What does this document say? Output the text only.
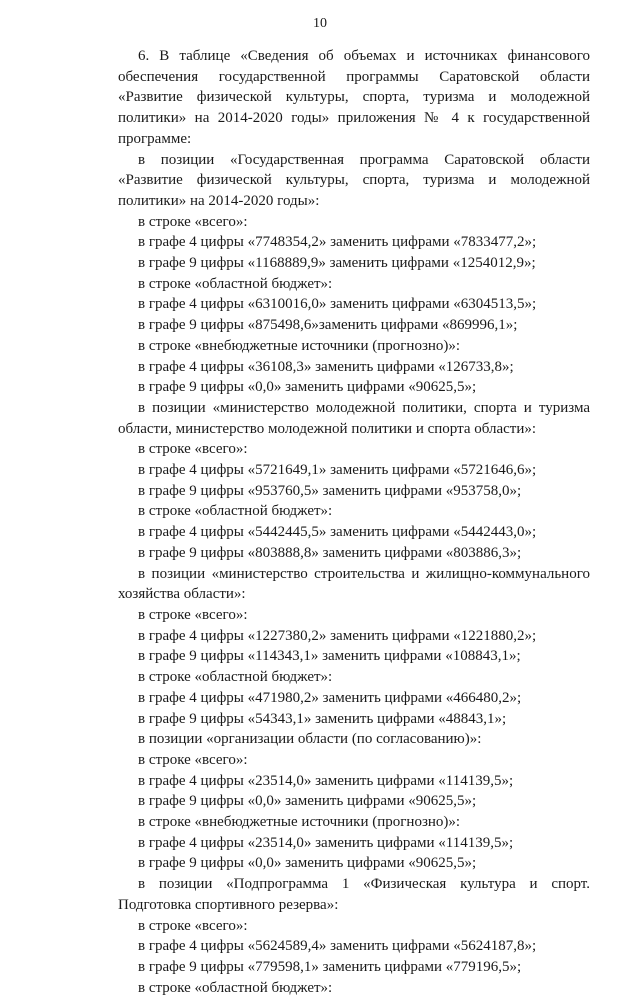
10

6. В таблице «Сведения об объемах и источниках финансового обеспечения государственной программы Саратовской области «Развитие физической культуры, спорта, туризма и молодежной политики» на 2014-2020 годы» приложения № 4 к государственной программе:

в позиции «Государственная программа Саратовской области «Развитие физической культуры, спорта, туризма и молодежной политики» на 2014-2020 годы»:

в строке «всего»:

в графе 4 цифры «7748354,2» заменить цифрами «7833477,2»;

в графе 9 цифры «1168889,9» заменить цифрами «1254012,9»;

в строке «областной бюджет»:

в графе 4 цифры «6310016,0» заменить цифрами «6304513,5»;

в графе 9 цифры «875498,6»заменить цифрами «869996,1»;

в строке «внебюджетные источники (прогнозно)»:

в графе 4 цифры «36108,3» заменить цифрами «126733,8»;

в графе 9 цифры «0,0» заменить цифрами «90625,5»;

в позиции «министерство молодежной политики, спорта и туризма области, министерство молодежной политики и спорта области»:

в строке «всего»:

в графе 4 цифры «5721649,1» заменить цифрами «5721646,6»;

в графе 9 цифры «953760,5» заменить цифрами «953758,0»;

в строке «областной бюджет»:

в графе 4 цифры «5442445,5» заменить цифрами «5442443,0»;

в графе 9 цифры «803888,8» заменить цифрами «803886,3»;

в позиции «министерство строительства и жилищно-коммунального хозяйства области»:

в строке «всего»:

в графе 4 цифры «1227380,2» заменить цифрами «1221880,2»;

в графе 9 цифры «114343,1» заменить цифрами «108843,1»;

в строке «областной бюджет»:

в графе 4 цифры «471980,2» заменить цифрами «466480,2»;

в графе 9 цифры «54343,1» заменить цифрами «48843,1»;

в позиции «организации области (по согласованию)»:

в строке «всего»:

в графе 4 цифры «23514,0» заменить цифрами «114139,5»;

в графе 9 цифры «0,0» заменить цифрами «90625,5»;

в строке «внебюджетные источники (прогнозно)»:

в графе 4 цифры «23514,0» заменить цифрами «114139,5»;

в графе 9 цифры «0,0» заменить цифрами «90625,5»;

в позиции «Подпрограмма 1 «Физическая культура и спорт. Подготовка спортивного резерва»:

в строке «всего»:

в графе 4 цифры «5624589,4» заменить цифрами «5624187,8»;

в графе 9 цифры «779598,1» заменить цифрами «779196,5»;

в строке «областной бюджет»:
